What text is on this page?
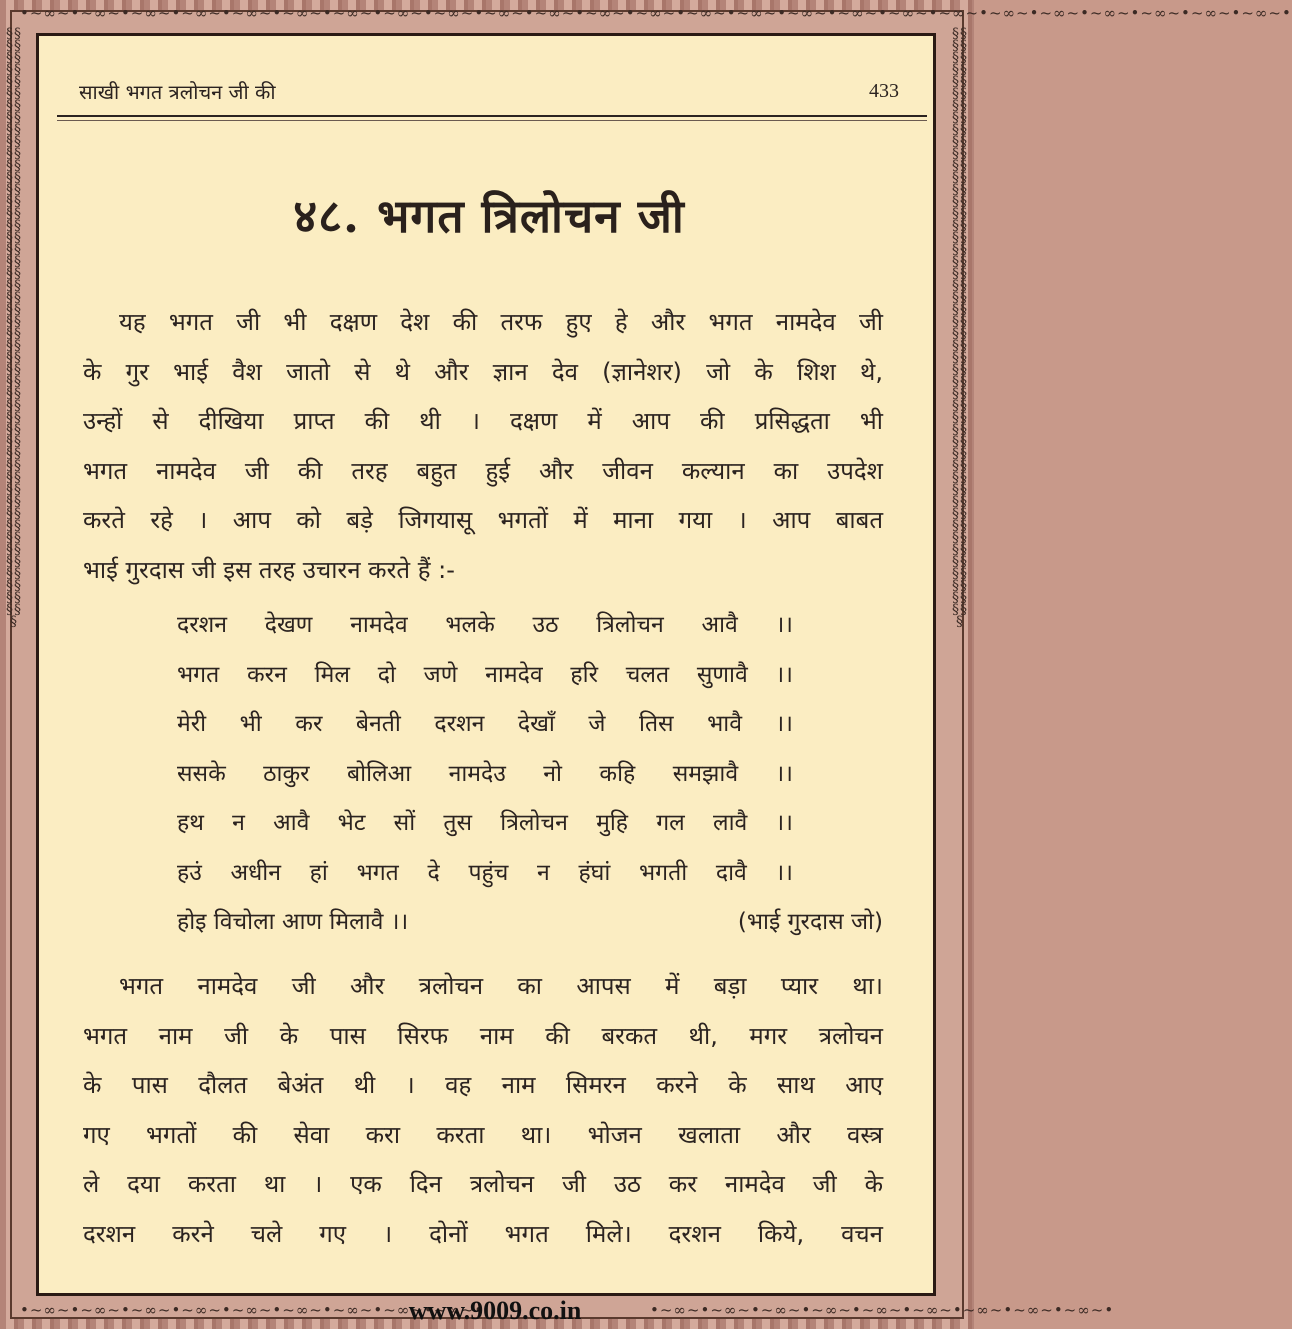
•~∞~•~∞~•~∞~•~∞~•~∞~•~∞~•~∞~•~∞~•~∞~•~∞~•~∞~•~∞~•~∞~•~∞~•~∞~•~∞~•~∞~•~∞~•~∞~•~∞~•~∞~•~∞~•~∞~•~∞~•~∞~•
§§§§§§§§§§§§§§§§§§§§§§§§§§§§§§§§§§§§§§§§§§§§§§§§§§§§§§§§§§§§§§§§§§§§§§§§§§§§§§§§§§§§§§§§§§§§§§§§§§§
§§§§§§§§§§§§§§§§§§§§§§§§§§§§§§§§§§§§§§§§§§§§§§§§§§§§§§§§§§§§§§§§§§§§§§§§§§§§§§§§§§§§§§§§§§§§§§§§§§§
•~∞~•~∞~•~∞~•~∞~•~∞~•~∞~•~∞~•~∞~•~∞~•	•~∞~•~∞~•~∞~•~∞~•~∞~•~∞~•~∞~•~∞~•~∞~•
साखी भगत त्रलोचन जी की	433
४८. भगत त्रिलोचन जी
यह भगत जी भी दक्षण देश की तरफ हुए हे और भगत नामदेव जी
के गुर भाई वैश जातो से थे और ज्ञान देव (ज्ञानेशर) जो के शिश थे,
उन्हों से दीखिया प्राप्त की थी । दक्षण में आप की प्रसिद्धता भी
भगत नामदेव जी की तरह बहुत हुई और जीवन कल्यान का उपदेश
करते रहे । आप को बड़े जिगयासू भगतों में माना गया । आप बाबत
भाई गुरदास जी इस तरह उचारन करते हैं :-
दरशन देखण नामदेव भलके उठ त्रिलोचन आवै ।।
भगत करन मिल दो जणे नामदेव हरि चलत सुणावै ।।
मेरी भी कर बेनती दरशन देखाँ जे तिस भावै ।।
ससके ठाकुर बोलिआ नामदेउ नो कहि समझावै ।।
हथ न आवै भेट सों तुस त्रिलोचन मुहि गल लावै ।।
हउं अधीन हां भगत दे पहुंच न हंघां भगती दावै ।।
होइ विचोला आण मिलावै ।।	(भाई गुरदास जो)
भगत नामदेव जी और त्रलोचन का आपस में बड़ा प्यार था।
भगत नाम जी के पास सिरफ नाम की बरकत थी, मगर त्रलोचन
के पास दौलत बेअंत थी । वह नाम सिमरन करने के साथ आए
गए भगतों की सेवा करा करता था। भोजन खलाता और वस्त्र
ले दया करता था । एक दिन त्रलोचन जी उठ कर नामदेव जी के
दरशन करने चले गए । दोनों भगत मिले। दरशन किये, वचन
www.9009.co.in
